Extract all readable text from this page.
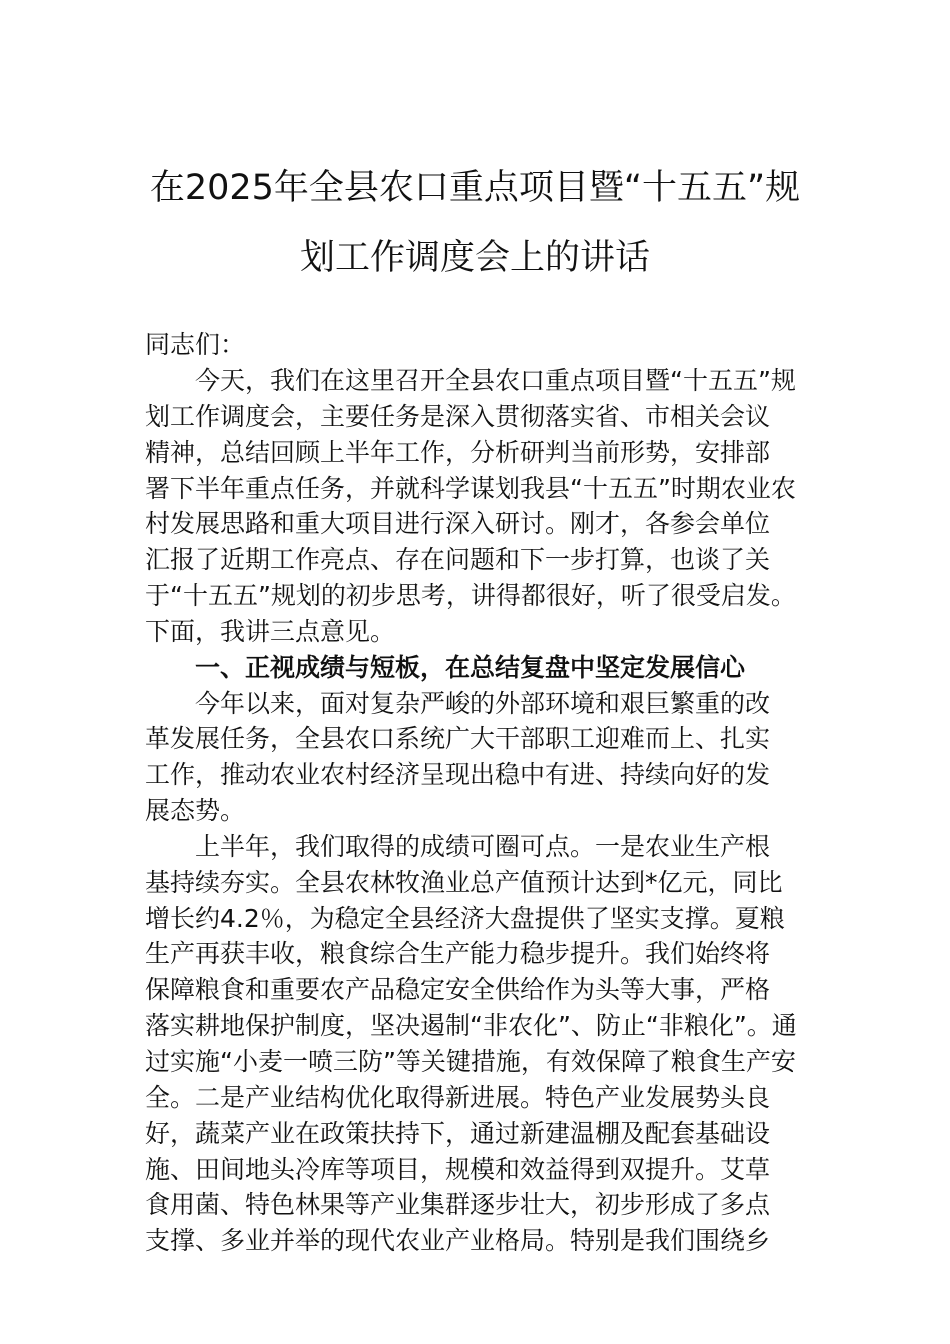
在2025年全县农口重点项目暨“十五五”规
划工作调度会上的讲话

同志们：

今天，我们在这里召开全县农口重点项目暨“十五五”规

划工作调度会，主要任务是深入贯彻落实省、市相关会议

精神，总结回顾上半年工作，分析研判当前形势，安排部

署下半年重点任务，并就科学谋划我县“十五五”时期农业农

村发展思路和重大项目进行深入研讨。刚才，各参会单位

汇报了近期工作亮点、存在问题和下一步打算，也谈了关

于“十五五”规划的初步思考，讲得都很好，听了很受启发。

下面，我讲三点意见。

一、正视成绩与短板，在总结复盘中坚定发展信心

今年以来，面对复杂严峻的外部环境和艰巨繁重的改

革发展任务，全县农口系统广大干部职工迎难而上、扎实

工作，推动农业农村经济呈现出稳中有进、持续向好的发

展态势。

上半年，我们取得的成绩可圈可点。一是农业生产根

基持续夯实。全县农林牧渔业总产值预计达到*亿元，同比

增长约4.2％，为稳定全县经济大盘提供了坚实支撑。夏粮

生产再获丰收，粮食综合生产能力稳步提升。我们始终将

保障粮食和重要农产品稳定安全供给作为头等大事，严格

落实耕地保护制度，坚决遏制“非农化”、防止“非粮化”。通

过实施“小麦一喷三防”等关键措施，有效保障了粮食生产安

全。二是产业结构优化取得新进展。特色产业发展势头良

好，蔬菜产业在政策扶持下，通过新建温棚及配套基础设

施、田间地头冷库等项目，规模和效益得到双提升。艾草

食用菌、特色林果等产业集群逐步壮大，初步形成了多点

支撑、多业并举的现代农业产业格局。特别是我们围绕乡
